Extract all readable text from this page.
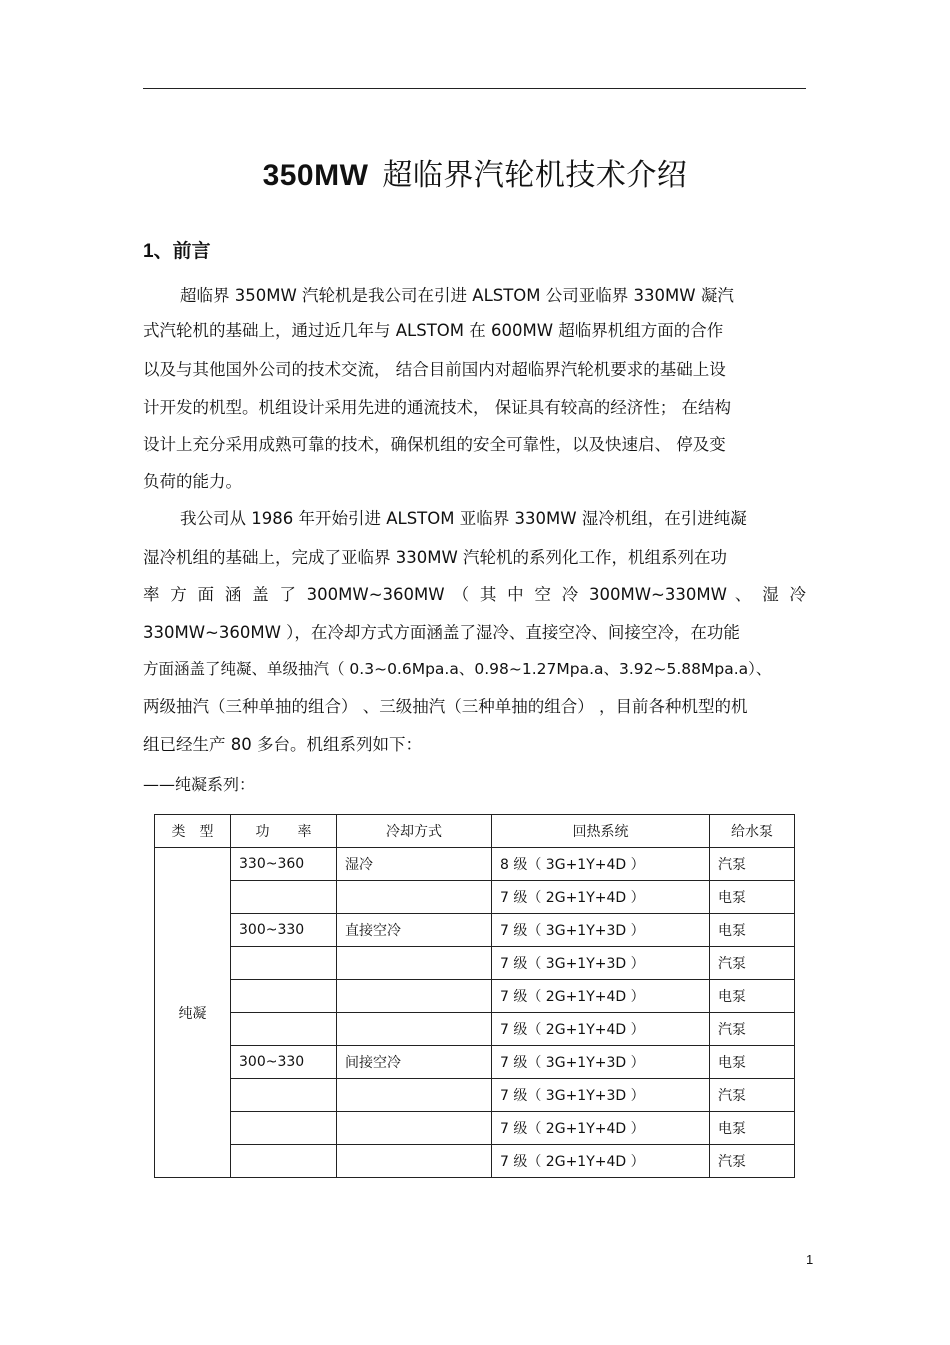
350MW 超临界汽轮机技术介绍
1、前言

超临界 350MW 汽轮机是我公司在引进 ALSTOM 公司亚临界 330MW 凝汽

式汽轮机的基础上，通过近几年与 ALSTOM 在 600MW 超临界机组方面的合作

以及与其他国外公司的技术交流， 结合目前国内对超临界汽轮机要求的基础上设

计开发的机型。机组设计采用先进的通流技术， 保证具有较高的经济性； 在结构

设计上充分采用成熟可靠的技术，确保机组的安全可靠性，以及快速启、 停及变

负荷的能力。

我公司从 1986 年开始引进 ALSTOM 亚临界 330MW 湿冷机组，在引进纯凝

湿冷机组的基础上，完成了亚临界 330MW 汽轮机的系列化工作，机组系列在功

率 方 面 涵 盖 了 300MW~360MW （ 其 中 空 冷 300MW~330MW 、 湿 冷

330MW~360MW ），在冷却方式方面涵盖了湿冷、直接空冷、间接空冷，在功能

方面涵盖了纯凝、单级抽汽（ 0.3~0.6Mpa.a、0.98~1.27Mpa.a、3.92~5.88Mpa.a）、

两级抽汽（三种单抽的组合） 、三级抽汽（三种单抽的组合） ，目前各种机型的机

组已经生产 80 多台。机组系列如下：

——纯凝系列：

类　型	功　　率	冷却方式	回热系统	给水泵
纯凝	330~360	湿冷	8 级（ 3G+1Y+4D ）	汽泵
			7 级（ 2G+1Y+4D ）	电泵
	300~330	直接空冷	7 级（ 3G+1Y+3D ）	电泵
			7 级（ 3G+1Y+3D ）	汽泵
			7 级（ 2G+1Y+4D ）	电泵
			7 级（ 2G+1Y+4D ）	汽泵
	300~330	间接空冷	7 级（ 3G+1Y+3D ）	电泵
			7 级（ 3G+1Y+3D ）	汽泵
			7 级（ 2G+1Y+4D ）	电泵
			7 级（ 2G+1Y+4D ）	汽泵
1
